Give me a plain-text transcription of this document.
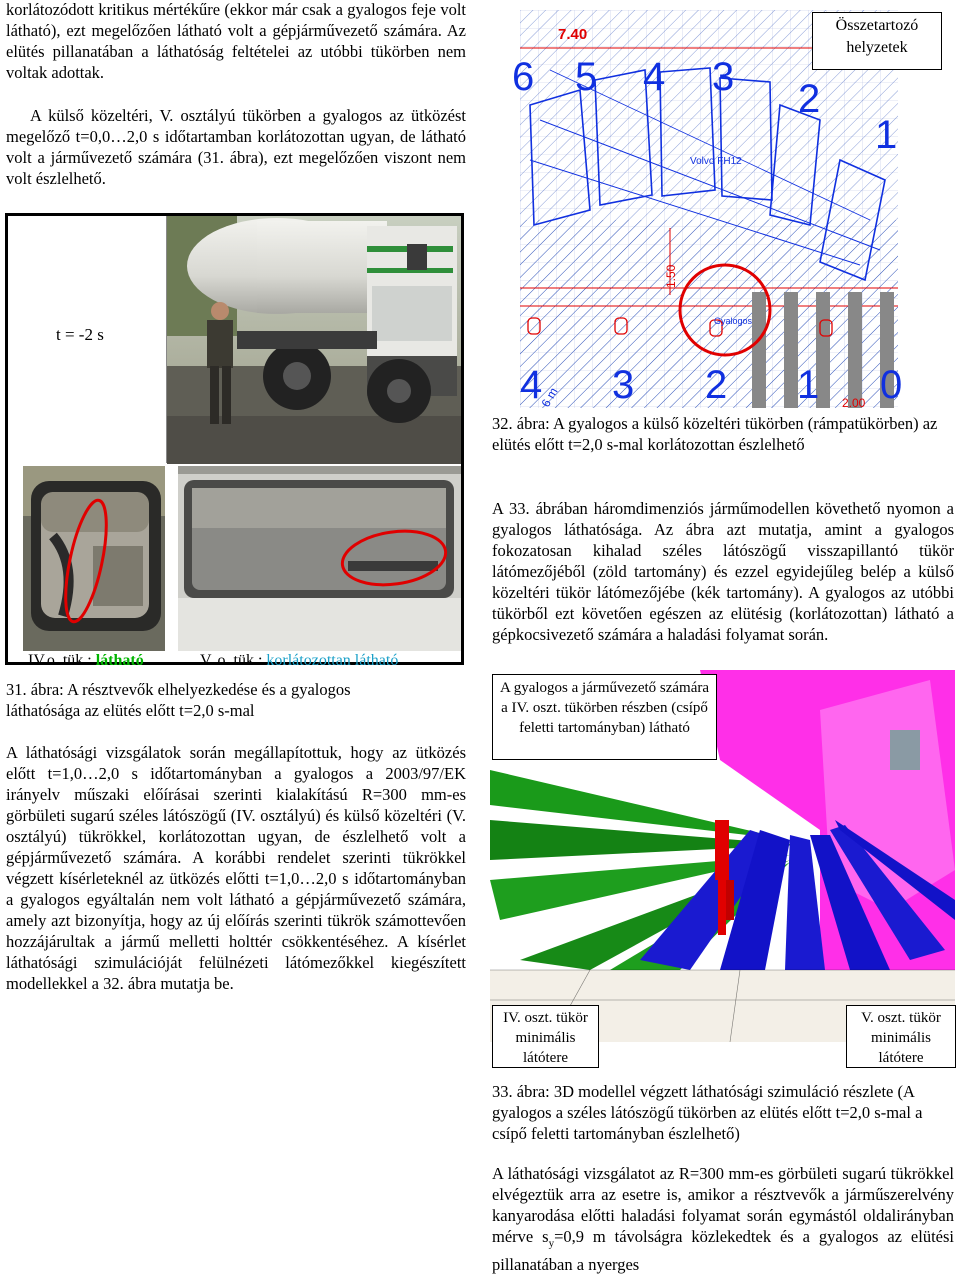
korlátozódott kritikus mértékűre (ekkor már csak a gyalogos feje volt látható), ezt megelőzően látható volt a gépjárművezető számára. Az elütés pillanatában a láthatóság feltételei az utóbbi tükörben nem voltak adottak.
A külső közeltéri, V. osztályú tükörben a gyalogos az ütközést megelőző t=0,0…2,0 s időtartamban korlátozottan ugyan, de látható volt a járművezető számára (31. ábra), ezt megelőzően viszont nem volt észlelhető.
t = -2 s
IV.o. tük.: látható	V. o. tük.: korlátozottan látható
31. ábra: A résztvevők elhelyezkedése és a gyalogos láthatósága az elütés előtt t=2,0 s-mal
A láthatósági vizsgálatok során megállapítottuk, hogy az ütközés előtt t=1,0…2,0 s időtartományban a gyalogos a 2003/97/EK irányelv műszaki előírásai szerinti kialakítású R=300 mm-es görbületi sugarú széles látószögű (IV. osztályú) és külső közeltéri (V. osztályú) tükrökkel, korlátozottan ugyan, de észlelhető volt a gépjárművezető számára. A korábbi rendelet szerinti tükrökkel végzett kísérleteknél az ütközés előtti t=1,0…2,0 s időtartományban a gyalogos egyáltalán nem volt látható a gépjárművezető számára, amely azt bizonyítja, hogy az új előírás szerinti tükrök számottevően hozzájárultak a jármű melletti holttér csökkentéséhez. A kísérlet láthatósági szimulációját felülnézeti látómezőkkel kiegészített modellekkel a 32. ábra mutatja be.
7.40
6 5 4 3 2
1
4 3 2 1 0
Volvo FH12
1.50
Gyalogos
2.00
6 m
Összetartozó helyzetek
32. ábra: A gyalogos a külső közeltéri tükörben (rámpatükörben) az elütés előtt t=2,0 s-mal korlátozottan észlelhető
A 33. ábrában háromdimenziós járműmodellen követhető nyomon a gyalogos láthatósága. Az ábra azt mutatja, amint a gyalogos fokozatosan kihalad széles látószögű visszapillantó tükör látómezőjéből (zöld tartomány) és ezzel egyidejűleg belép a külső közeltéri tükör látómezőjébe (kék tartomány). A gyalogos az utóbbi tükörből ezt követően egészen az elütésig (korlátozottan) látható a gépkocsivezető számára a haladási folyamat során.
A gyalogos a járművezető számára a IV. oszt. tükörben részben (csípő feletti tartományban) látható
IV. oszt. tükör minimális látótere
V. oszt. tükör minimális látótere
33. ábra: 3D modellel végzett láthatósági szimuláció részlete (A gyalogos a széles látószögű tükörben az elütés előtt t=2,0 s-mal a csípő feletti tartományban észlelhető)
A láthatósági vizsgálatot az R=300 mm-es görbületi sugarú tükrökkel elvégeztük arra az esetre is, amikor a résztvevők a járműszerelvény kanyarodása előtti haladási folyamat során egymástól oldalirányban mérve $s_y=0,9$ m távolságra közlekedtek és a gyalogos az elütési pillanatában a nyerges
